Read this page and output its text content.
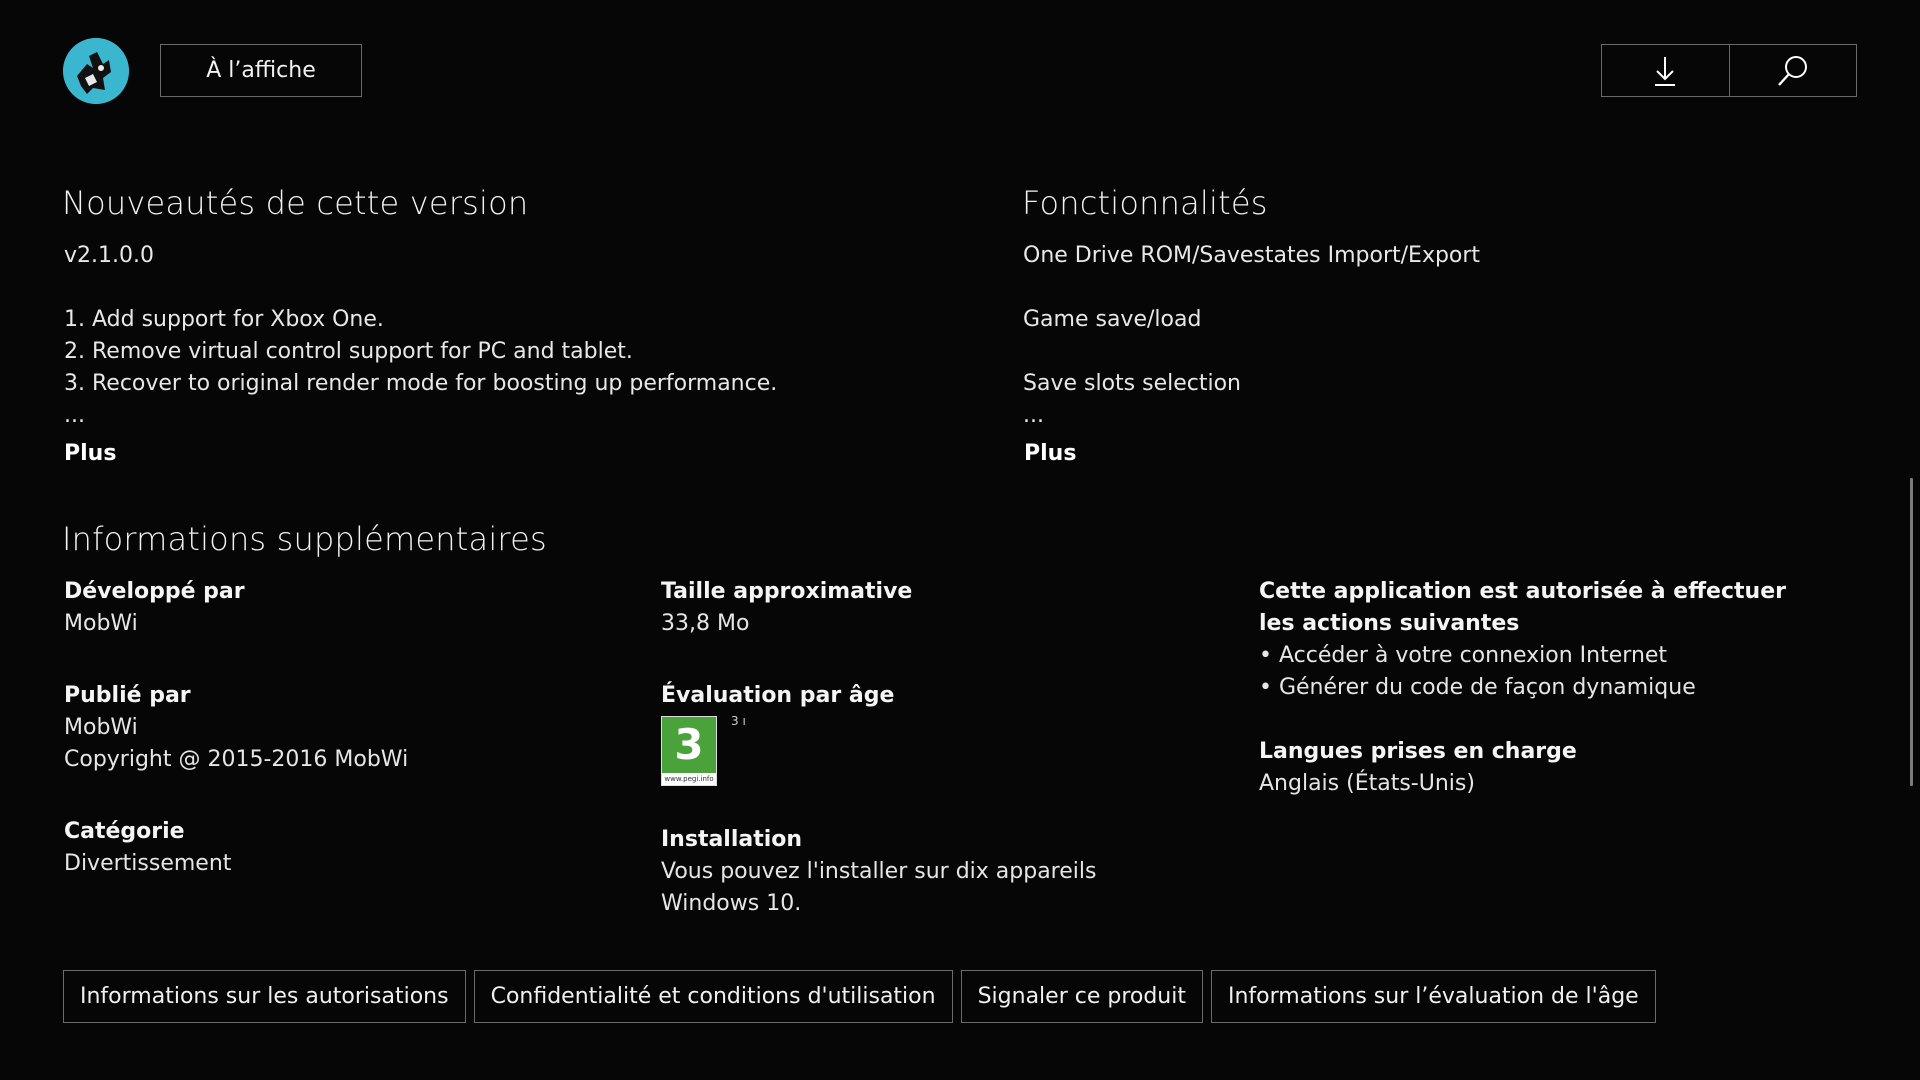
À l’affiche
Nouveautés de cette version
v2.1.0.0
1. Add support for Xbox One.
2. Remove virtual control support for PC and tablet.
3. Recover to original render mode for boosting up performance.
...
Plus
Fonctionnalités
One Drive ROM/Savestates Import/Export
Game save/load
Save slots selection
...
Plus
Informations supplémentaires
Développé par
MobWi
Publié par
MobWi
Copyright @ 2015-2016 MobWi
Catégorie
Divertissement
Taille approximative
33,8 Mo
Évaluation par âge
3
www.pegi.info
3 ı
Installation
Vous pouvez l'installer sur dix appareils Windows 10.
Cette application est autorisée à effectuer les actions suivantes
• Accéder à votre connexion Internet
• Générer du code de façon dynamique
Langues prises en charge
Anglais (États-Unis)
Informations sur les autorisations	Confidentialité et conditions d'utilisation	Signaler ce produit	Informations sur l’évaluation de l'âge
